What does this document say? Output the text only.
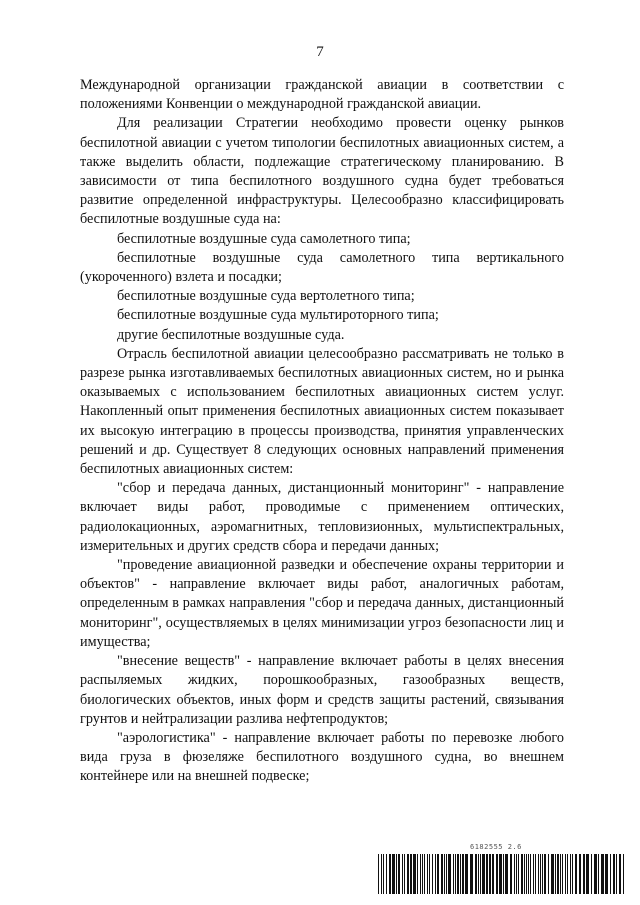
7

Международной организации гражданской авиации в соответствии с положениями Конвенции о международной гражданской авиации.

Для реализации Стратегии необходимо провести оценку рынков беспилотной авиации с учетом типологии беспилотных авиационных систем, а также выделить области, подлежащие стратегическому планированию. В зависимости от типа беспилотного воздушного судна будет требоваться развитие определенной инфраструктуры. Целесообразно классифицировать беспилотные воздушные суда на:

беспилотные воздушные суда самолетного типа;

беспилотные воздушные суда самолетного типа вертикального (укороченного) взлета и посадки;

беспилотные воздушные суда вертолетного типа;

беспилотные воздушные суда мультироторного типа;

другие беспилотные воздушные суда.

Отрасль беспилотной авиации целесообразно рассматривать не только в разрезе рынка изготавливаемых беспилотных авиационных систем, но и рынка оказываемых с использованием беспилотных авиационных систем услуг. Накопленный опыт применения беспилотных авиационных систем показывает их высокую интеграцию в процессы производства, принятия управленческих решений и др. Существует 8 следующих основных направлений применения беспилотных авиационных систем:

"сбор и передача данных, дистанционный мониторинг" - направление включает виды работ, проводимые с применением оптических, радиолокационных, аэромагнитных, тепловизионных, мультиспектральных, измерительных и других средств сбора и передачи данных;

"проведение авиационной разведки и обеспечение охраны территории и объектов" - направление включает виды работ, аналогичных работам, определенным в рамках направления "сбор и передача данных, дистанционный мониторинг", осуществляемых в целях минимизации угроз безопасности лиц и имущества;

"внесение веществ" - направление включает работы в целях внесения распыляемых жидких, порошкообразных, газообразных веществ, биологических объектов, иных форм и средств защиты растений, связывания грунтов и нейтрализации разлива нефтепродуктов;

"аэрологистика" - направление включает работы по перевозке любого вида груза в фюзеляже беспилотного воздушного судна, во внешнем контейнере или на внешней подвеске;

6182555 2.6
